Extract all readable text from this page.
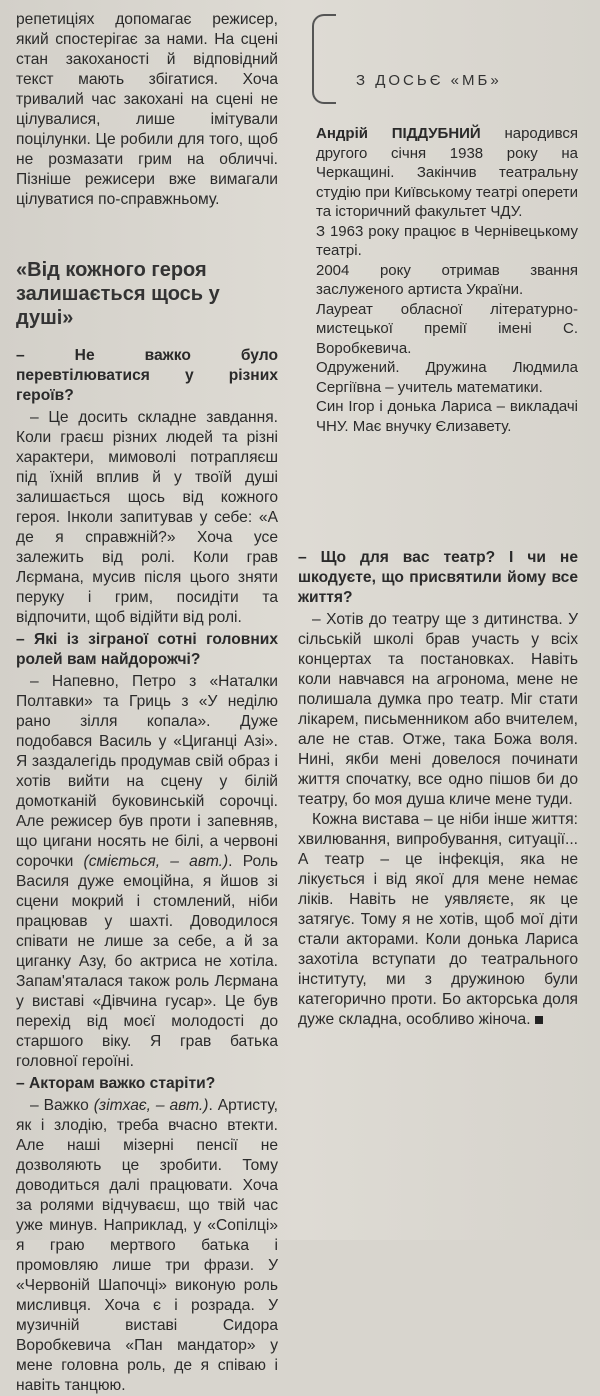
репетиціях допомагає режисер, який спостерігає за нами. На сцені стан закоханості й відповідний текст мають збігатися. Хоча тривалий час закохані на сцені не цілувалися, лише імітували поцілунки. Це робили для того, щоб не розмазати грим на обличчі. Пізніше режисери вже вимагали цілуватися по-справжньому.

«Від кожного героя залишається щось у душі»

– Не важко було перевтілюватися у різних героїв?

– Це досить складне завдання. Коли граєш різних людей та різні характери, мимоволі потрапляєш під їхній вплив й у твоїй душі залишається щось від кожного героя. Інколи запитував у себе: «А де я справжній?» Хоча усе залежить від ролі. Коли грав Лєрмана, мусив після цього зняти перуку і грим, посидіти та відпочити, щоб відійти від ролі.

– Які із зіграної сотні головних ролей вам найдорожчі?

– Напевно, Петро з «Наталки Полтавки» та Гриць з «У неділю рано зілля копала». Дуже подобався Василь у «Циганці Азі». Я заздалегідь продумав свій образ і хотів вийти на сцену у білій домотканій буковинській сорочці. Але режисер був проти і запевняв, що цигани носять не білі, а червоні сорочки (сміється, – авт.). Роль Василя дуже емоційна, я йшов зі сцени мокрий і стомлений, ніби працював у шахті. Доводилося співати не лише за себе, а й за циганку Азу, бо актриса не хотіла. Запам'яталася також роль Лєрмана у виставі «Дівчина гусар». Це був перехід від моєї молодості до старшого віку. Я грав батька головної героїні.

– Акторам важко старіти?

– Важко (зітхає, – авт.). Артисту, як і злодію, треба вчасно втекти. Але наші мізерні пенсії не дозволяють це зробити. Тому доводиться далі працювати. Хоча за ролями відчуваєш, що твій час уже минув. Наприклад, у «Сопілці» я граю мертвого батька і промовляю лише три фрази. У «Червоній Шапочці» виконую роль мисливця. Хоча є і розрада. У музичній виставі Сидора Воробкевича «Пан мандатор» у мене головна роль, де я співаю і навіть танцюю.

З ДОСЬЄ «МБ»

Андрій ПІДДУБНИЙ народився другого січня 1938 року на Черкащині. Закінчив театральну студію при Київському театрі оперети та історичний факультет ЧДУ.

З 1963 року працює в Чернівецькому театрі.

2004 року отримав звання заслуженого артиста України.

Лауреат обласної літературно-мистецької премії імені С. Воробкевича.

Одружений. Дружина Людмила Сергіївна – учитель математики.

Син Ігор і донька Лариса – викладачі ЧНУ. Має внучку Єлизавету.

– Що для вас театр? І чи не шкодуєте, що присвятили йому все життя?

– Хотів до театру ще з дитинства. У сільській школі брав участь у всіх концертах та постановках. Навіть коли навчався на агронома, мене не полишала думка про театр. Міг стати лікарем, письменником або вчителем, але не став. Отже, така Божа воля. Нині, якби мені довелося починати життя спочатку, все одно пішов би до театру, бо моя душа кличе мене туди.

Кожна вистава – це ніби інше життя: хвилювання, випробування, ситуації... А театр – це інфекція, яка не лікується і від якої для мене немає ліків. Навіть не уявляєте, як це затягує. Тому я не хотів, щоб мої діти стали акторами. Коли донька Лариса захотіла вступати до театрального інституту, ми з дружиною були категорично проти. Бо акторська доля дуже складна, особливо жіноча.
